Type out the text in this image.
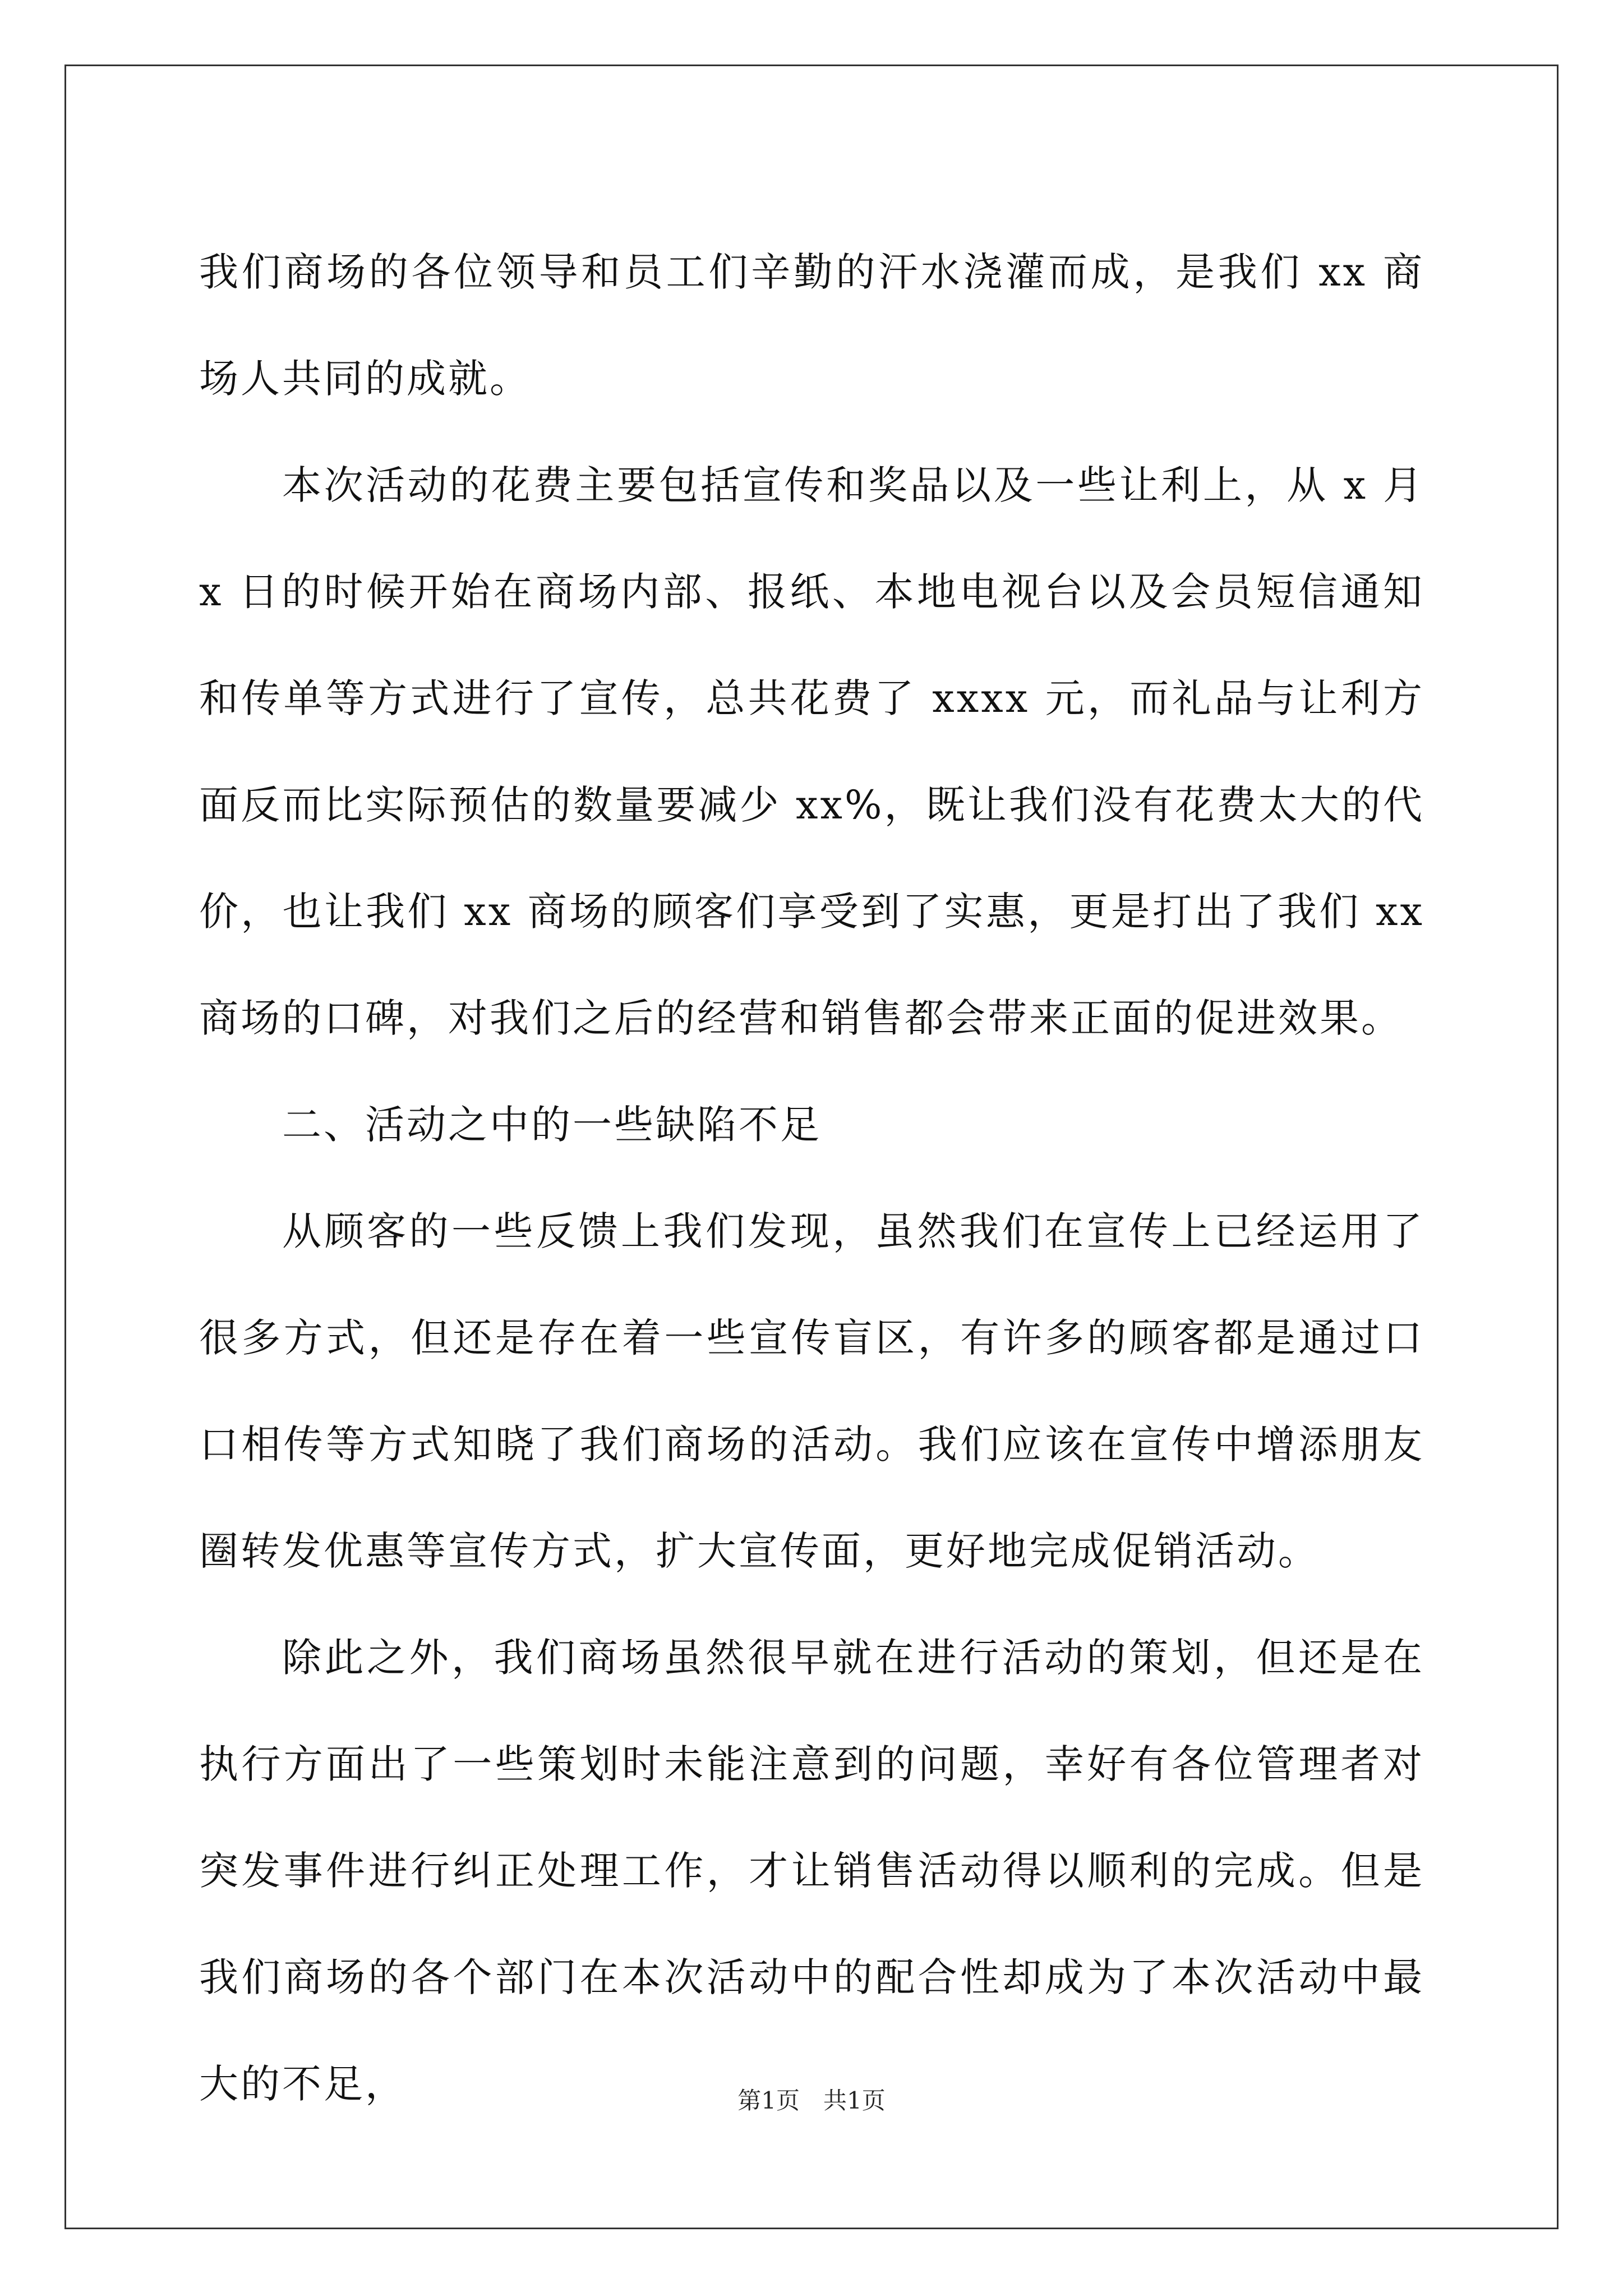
我们商场的各位领导和员工们辛勤的汗水浇灌而成，是我们 xx 商场人共同的成就。

本次活动的花费主要包括宣传和奖品以及一些让利上，从 x 月 x 日的时候开始在商场内部、报纸、本地电视台以及会员短信通知和传单等方式进行了宣传，总共花费了 xxxx 元，而礼品与让利方面反而比实际预估的数量要减少 xx%，既让我们没有花费太大的代价，也让我们 xx 商场的顾客们享受到了实惠，更是打出了我们 xx 商场的口碑，对我们之后的经营和销售都会带来正面的促进效果。

二、活动之中的一些缺陷不足

从顾客的一些反馈上我们发现，虽然我们在宣传上已经运用了很多方式，但还是存在着一些宣传盲区，有许多的顾客都是通过口口相传等方式知晓了我们商场的活动。我们应该在宣传中增添朋友圈转发优惠等宣传方式，扩大宣传面，更好地完成促销活动。

除此之外，我们商场虽然很早就在进行活动的策划，但还是在执行方面出了一些策划时未能注意到的问题，幸好有各位管理者对突发事件进行纠正处理工作，才让销售活动得以顺利的完成。但是我们商场的各个部门在本次活动中的配合性却成为了本次活动中最大的不足，	第1页　共1页
